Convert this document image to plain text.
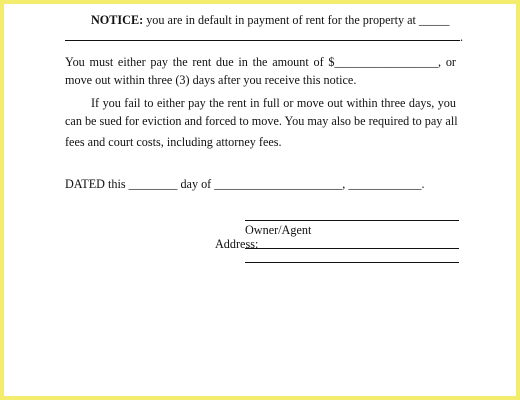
NOTICE: you are in default in payment of rent for the property at _____
.
You must either pay the rent due in the amount of $_________________, or
move out within three (3) days after you receive this notice.
If you fail to either pay the rent in full or move out within three days, you
can be sued for eviction and forced to move. You may also be required to pay all
fees and court costs, including attorney fees.
DATED this ________ day of _____________________, ____________.
Owner/Agent
Address:
